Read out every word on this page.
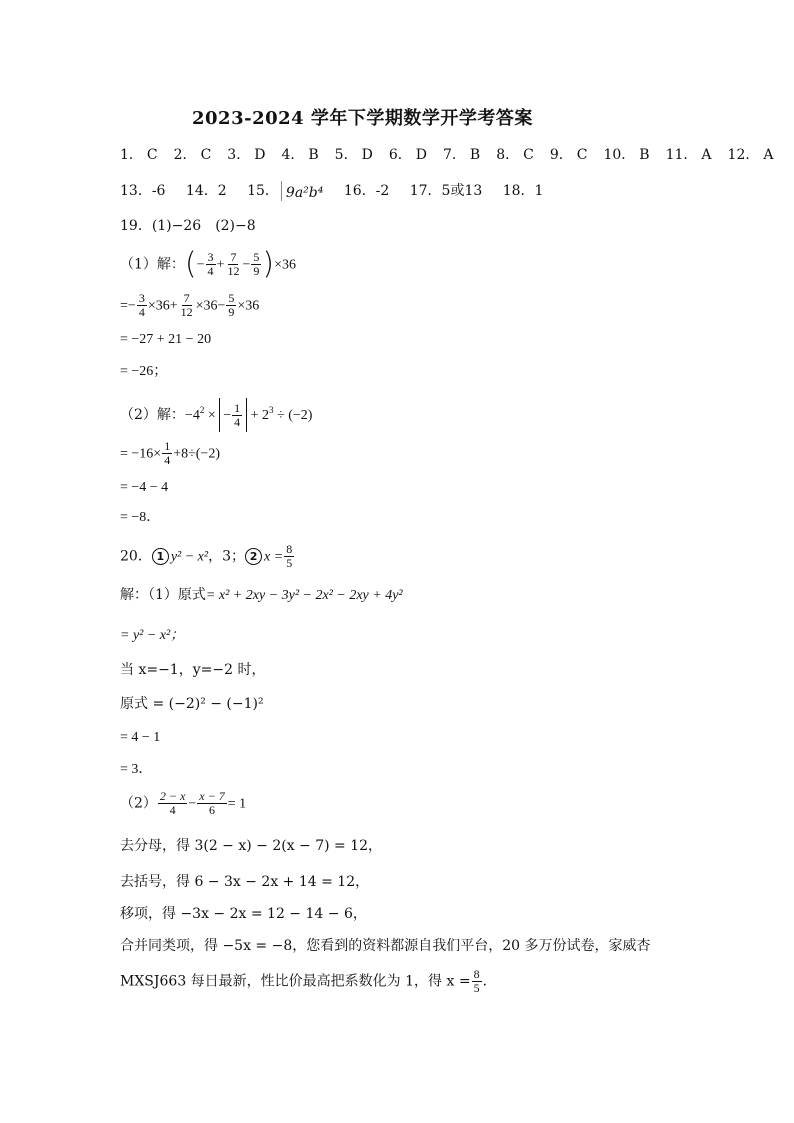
2023-2024 学年下学期数学开学考答案
1． C 2． C 3． D 4． B 5． D 6． D 7． B 8． C 9． C 10． B 11． A 12． A
13．-6 14．2 15． 9a²b⁴ 16．-2 17．5或13 18．1
19．(1)−26　(2)−8
（1）解：(− $\frac{3}{4} + \frac{7}{12} - \frac{5}{9} )\times 36$
=− $\frac{3}{4} \times 36+ \frac{7}{12} \times 36- \frac{5}{9} \times 36$
= −27 + 21 − 20
= −26；
（2）解：$-4^2$ × − $\frac{1}{4} + 2^3 \div (-2)$
= $-16\times \frac{1}{4} +8\div(-2)$
= −4 − 4
= −8．
20． 1 y² − x²，3； 2 $x = \frac{8}{5}$
解：（1）原式= x² + 2xy − 3y² − 2x² − 2xy + 4y²
= y² − x²；
当 x=−1，y=−2 时，
原式 = (−2)² − (−1)²
= 4 − 1
= 3．
$(2) \frac{2 - x}{4} - \frac{x - 7}{6} = 1$
去分母，得 3(2 − x) − 2(x − 7) = 12，
去括号，得 6 − 3x − 2x + 14 = 12，
移项，得 −3x − 2x = 12 − 14 − 6，
合并同类项，得 −5x = −8，您看到的资料都源自我们平台，20 多万份试卷，家威杏
MXSJ663 每日最新，性比价最高把系数化为 1，得 $x = \frac{8}{5}$ ．
